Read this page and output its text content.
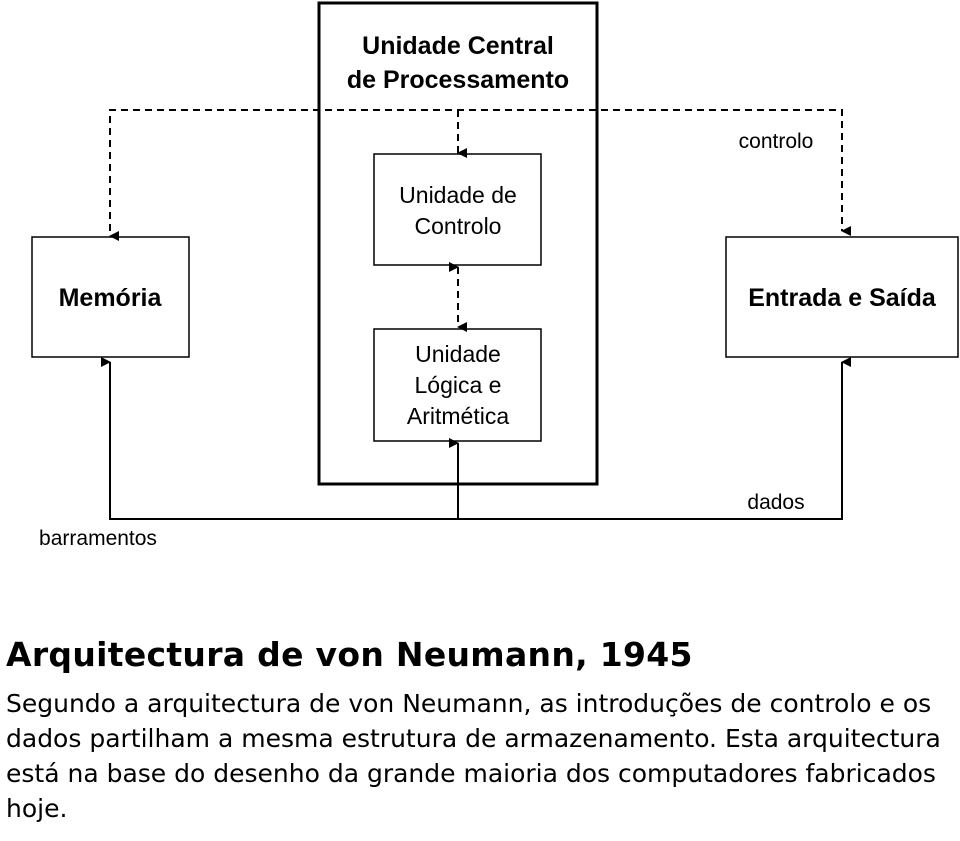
Unidade Central
de Processamento
Unidade de
Controlo
Unidade
Lógica e
Aritmética
Memória	Entrada e Saída
controlo
dados
barramentos
Arquitectura de von Neumann, 1945

Segundo a arquitectura de von Neumann, as introduções de controlo e os dados partilham a mesma estrutura de armazenamento. Esta arquitectura está na base do desenho da grande maioria dos computadores fabricados hoje.
